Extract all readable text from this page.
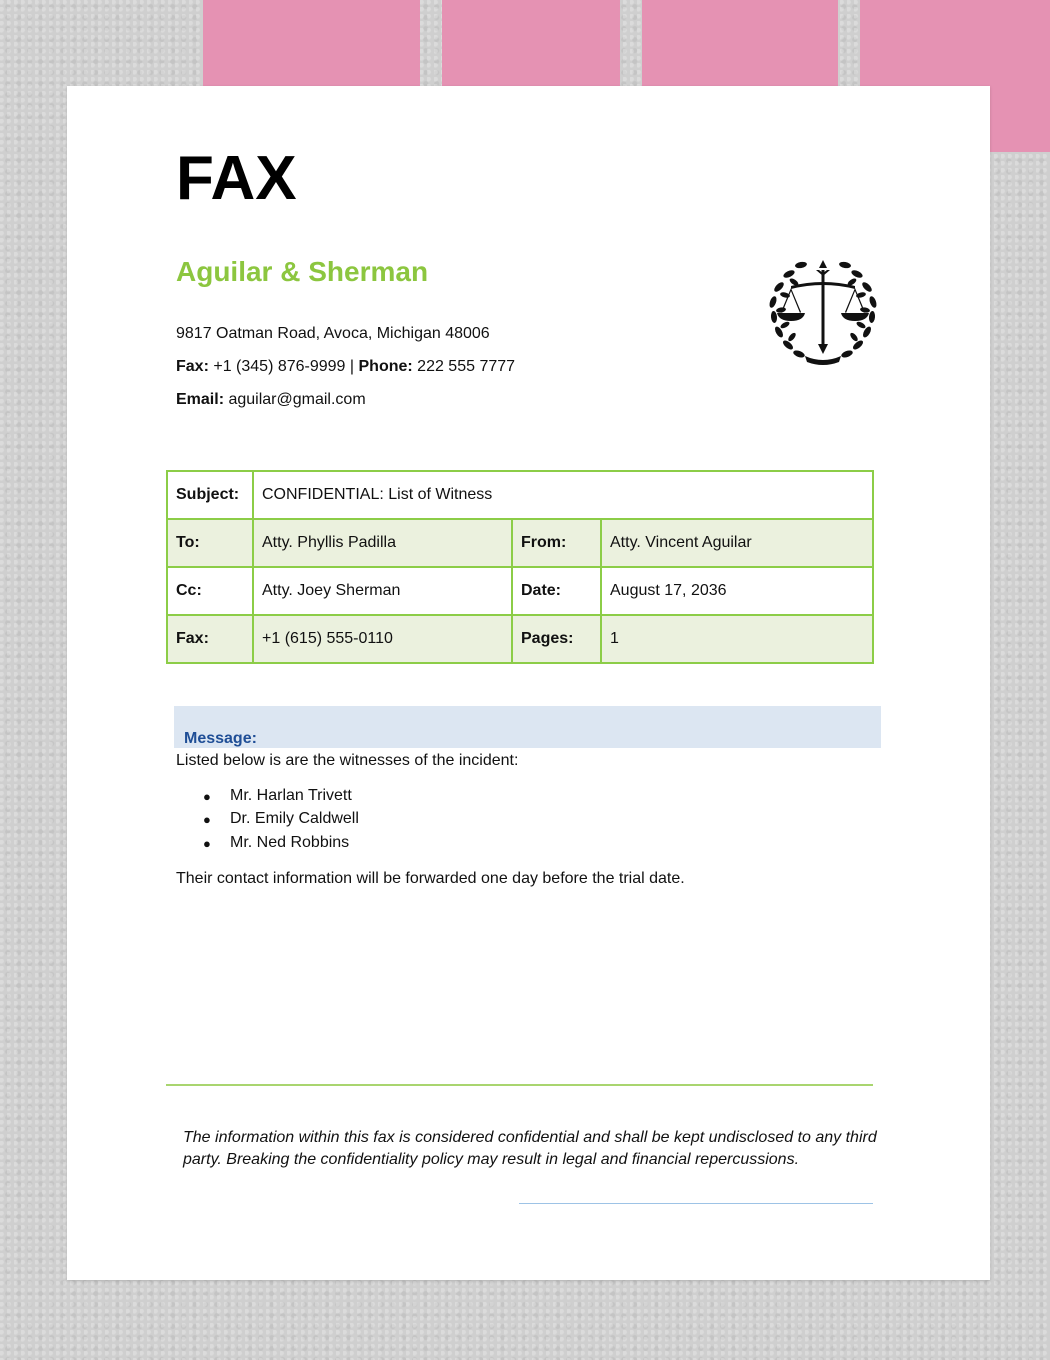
FAX
Aguilar & Sherman
9817 Oatman Road, Avoca, Michigan 48006
Fax: +1 (345) 876-9999 | Phone: 222 555 7777
Email: aguilar@gmail.com
Subject:	CONFIDENTIAL: List of Witness		
To:	Atty. Phyllis Padilla	From:	Atty. Vincent Aguilar
Cc:	Atty. Joey Sherman	Date:	August 17, 2036
Fax:	+1 (615) 555-0110	Pages:	1
Message:
Listed below is are the witnesses of the incident:
● Mr. Harlan Trivett
● Dr. Emily Caldwell
● Mr. Ned Robbins
Their contact information will be forwarded one day before the trial date.
The information within this fax is considered confidential and shall be kept undisclosed to any third party. Breaking the confidentiality policy may result in legal and financial repercussions.
